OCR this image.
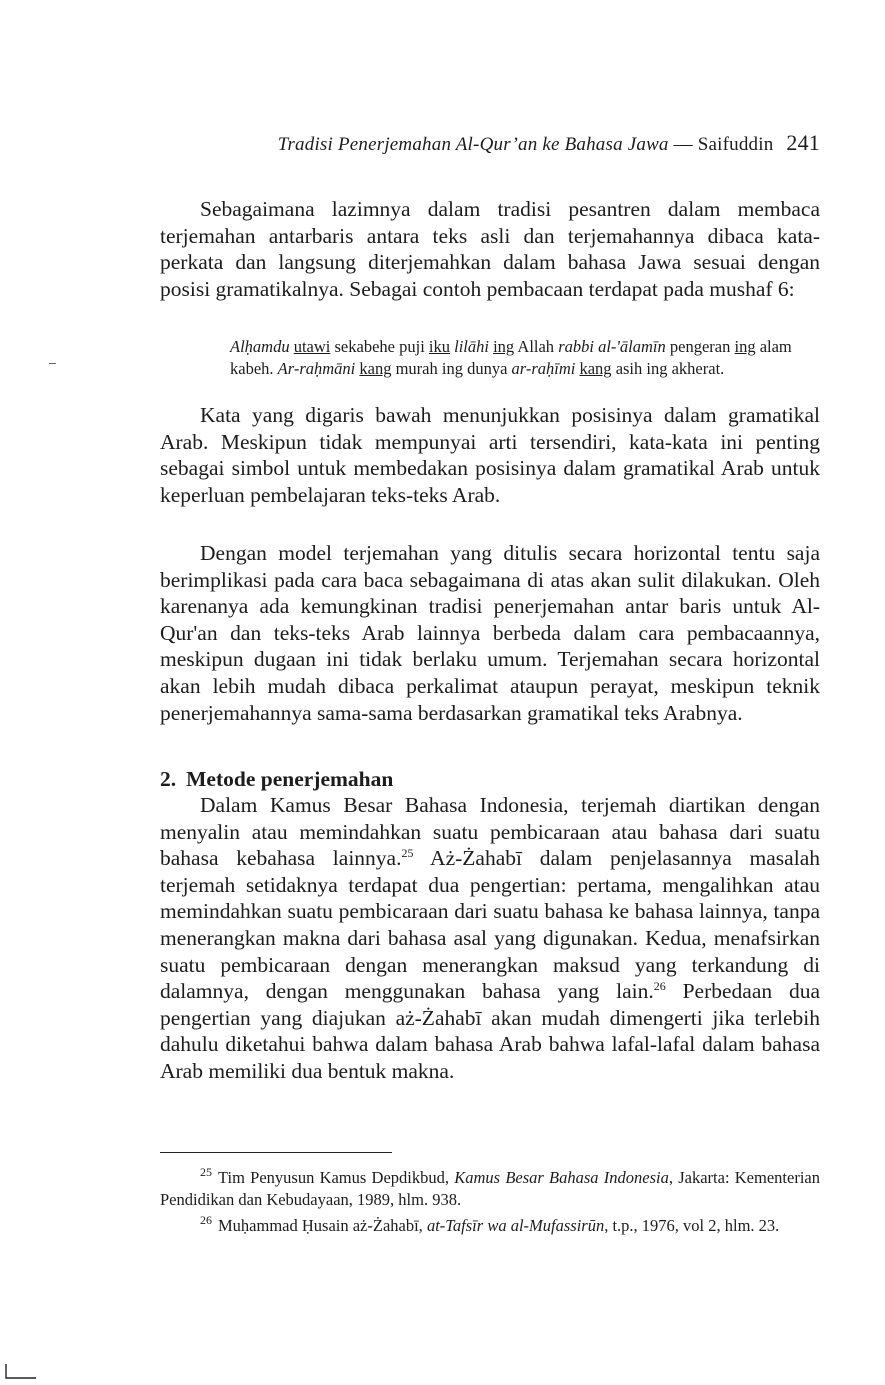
Tradisi Penerjemahan Al-Qur’an ke Bahasa Jawa — Saifuddin 241

Sebagaimana lazimnya dalam tradisi pesantren dalam membaca terjemahan antarbaris antara teks asli dan terjemahannya dibaca kata-perkata dan langsung diterjemahkan dalam bahasa Jawa sesuai dengan posisi gramatikalnya. Sebagai contoh pembacaan terdapat pada mushaf 6:

Alḥamdu utawi sekabehe puji iku lilāhi ing Allah rabbi al-'ālamīn pengeran ing alam kabeh. Ar-raḥmāni kang murah ing dunya ar-raḥīmi kang asih ing akherat.

Kata yang digaris bawah menunjukkan posisinya dalam gramatikal Arab. Meskipun tidak mempunyai arti tersendiri, kata-kata ini penting sebagai simbol untuk membedakan posisinya dalam gramatikal Arab untuk keperluan pembelajaran teks-teks Arab.

Dengan model terjemahan yang ditulis secara horizontal tentu saja berimplikasi pada cara baca sebagaimana di atas akan sulit dilakukan. Oleh karenanya ada kemungkinan tradisi penerjemahan antar baris untuk Al-Qur'an dan teks-teks Arab lainnya berbeda dalam cara pembacaannya, meskipun dugaan ini tidak berlaku umum. Terjemahan secara horizontal akan lebih mudah dibaca perkalimat ataupun perayat, meskipun teknik penerjemahannya sama-sama berdasarkan gramatikal teks Arabnya.

2. Metode penerjemahan

Dalam Kamus Besar Bahasa Indonesia, terjemah diartikan dengan menyalin atau memindahkan suatu pembicaraan atau bahasa dari suatu bahasa kebahasa lainnya.$^{25}$ Aż-Żahabī dalam penjelasannya masalah terjemah setidaknya terdapat dua pengertian: pertama, mengalihkan atau memindahkan suatu pembicaraan dari suatu bahasa ke bahasa lainnya, tanpa menerangkan makna dari bahasa asal yang digunakan. Kedua, menafsirkan suatu pembicaraan dengan menerangkan maksud yang terkandung di dalamnya, dengan menggunakan bahasa yang lain.$^{26}$ Perbedaan dua pengertian yang diajukan aż-Żahabī akan mudah dimengerti jika terlebih dahulu diketahui bahwa dalam bahasa Arab bahwa lafal-lafal dalam bahasa Arab memiliki dua bentuk makna.

$^{25}$ Tim Penyusun Kamus Depdikbud, Kamus Besar Bahasa Indonesia, Jakarta: Kementerian Pendidikan dan Kebudayaan, 1989, hlm. 938.

$^{26}$ Muḥammad Ḥusain aż-Żahabī, at-Tafsīr wa al-Mufassirūn, t.p., 1976, vol 2, hlm. 23.
